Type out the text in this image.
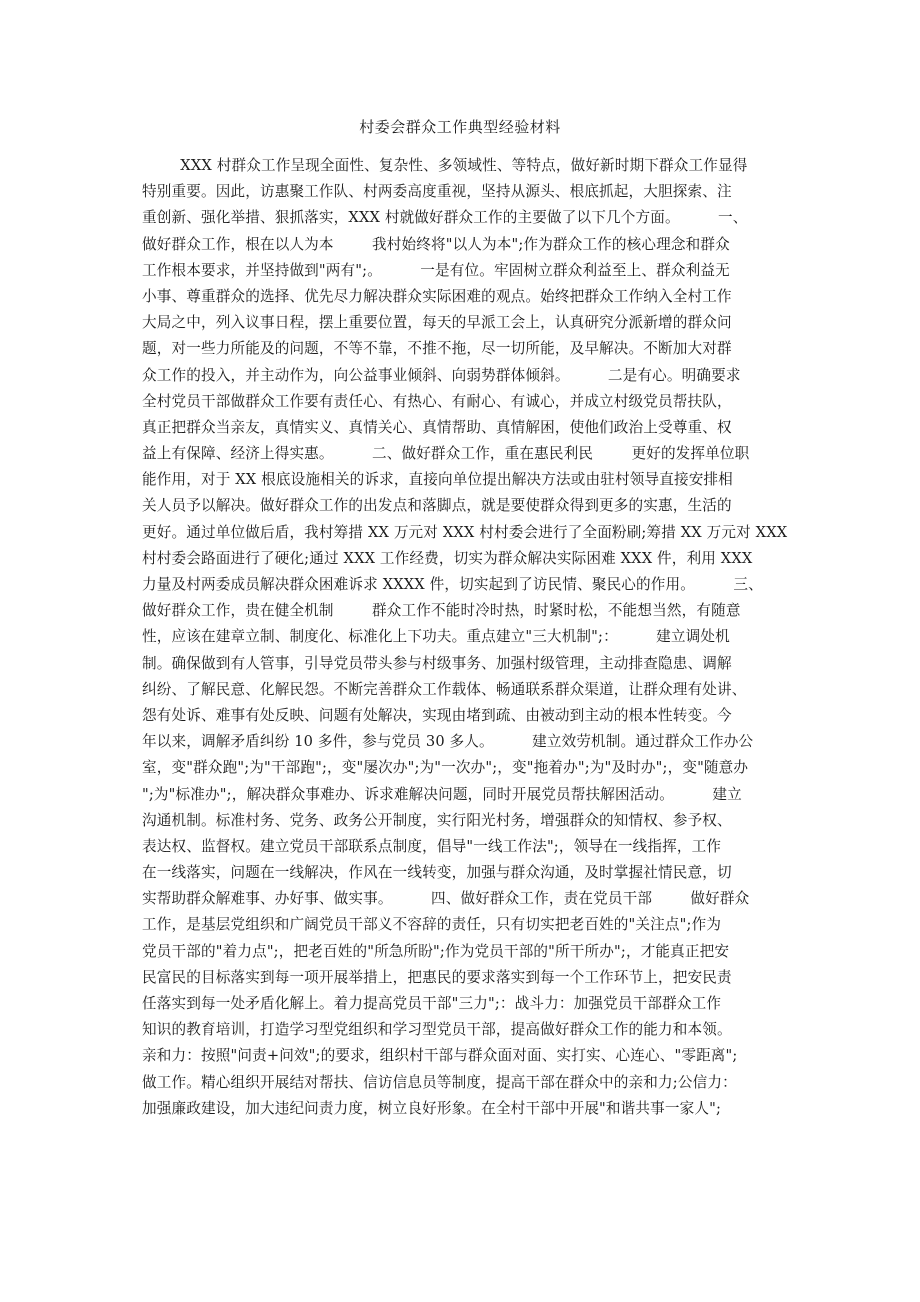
村委会群众工作典型经验材料
XXX 村群众工作呈现全面性、复杂性、多领域性、等特点，做好新时期下群众工作显得
特别重要。因此，访惠聚工作队、村两委高度重视，坚持从源头、根底抓起，大胆探索、注
重创新、强化举措、狠抓落实，XXX 村就做好群众工作的主要做了以下几个方面。        一、
做好群众工作，根在以人为本        我村始终将"以人为本";作为群众工作的核心理念和群众
工作根本要求，并坚持做到"两有";。        一是有位。牢固树立群众利益至上、群众利益无
小事、尊重群众的选择、优先尽力解决群众实际困难的观点。始终把群众工作纳入全村工作
大局之中，列入议事日程，摆上重要位置，每天的早派工会上，认真研究分派新增的群众问
题，对一些力所能及的问题，不等不靠，不推不拖，尽一切所能，及早解决。不断加大对群
众工作的投入，并主动作为，向公益事业倾斜、向弱势群体倾斜。        二是有心。明确要求
全村党员干部做群众工作要有责任心、有热心、有耐心、有诚心，并成立村级党员帮扶队，
真正把群众当亲友，真情实义、真情关心、真情帮助、真情解困，使他们政治上受尊重、权
益上有保障、经济上得实惠。        二、做好群众工作，重在惠民利民        更好的发挥单位职
能作用，对于 XX 根底设施相关的诉求，直接向单位提出解决方法或由驻村领导直接安排相
关人员予以解决。做好群众工作的出发点和落脚点，就是要使群众得到更多的实惠，生活的
更好。通过单位做后盾，我村筹措 XX 万元对 XXX 村村委会进行了全面粉刷;筹措 XX 万元对 XXX
村村委会路面进行了硬化;通过 XXX 工作经费，切实为群众解决实际困难 XXX 件，利用 XXX
力量及村两委成员解决群众困难诉求 XXXX 件，切实起到了访民情、聚民心的作用。        三、
做好群众工作，贵在健全机制        群众工作不能时冷时热，时紧时松，不能想当然，有随意
性，应该在建章立制、制度化、标准化上下功夫。重点建立"三大机制";：        建立调处机
制。确保做到有人管事，引导党员带头参与村级事务、加强村级管理，主动排查隐患、调解
纠纷、了解民意、化解民怨。不断完善群众工作载体、畅通联系群众渠道，让群众理有处讲、
怨有处诉、难事有处反映、问题有处解决，实现由堵到疏、由被动到主动的根本性转变。今
年以来，调解矛盾纠纷 10 多件，参与党员 30 多人。        建立效劳机制。通过群众工作办公
室，变"群众跑";为"干部跑";，变"屡次办";为"一次办";，变"拖着办";为"及时办";，变"随意办
";为"标准办";，解决群众事难办、诉求难解决问题，同时开展党员帮扶解困活动。        建立
沟通机制。标准村务、党务、政务公开制度，实行阳光村务，增强群众的知情权、参予权、
表达权、监督权。建立党员干部联系点制度，倡导"一线工作法";，领导在一线指挥，工作
在一线落实，问题在一线解决，作风在一线转变，加强与群众沟通，及时掌握社情民意，切
实帮助群众解难事、办好事、做实事。        四、做好群众工作，责在党员干部        做好群众
工作，是基层党组织和广阔党员干部义不容辞的责任，只有切实把老百姓的"关注点";作为
党员干部的"着力点";，把老百姓的"所急所盼";作为党员干部的"所干所办";，才能真正把安
民富民的目标落实到每一项开展举措上，把惠民的要求落实到每一个工作环节上，把安民责
任落实到每一处矛盾化解上。着力提高党员干部"三力";：战斗力：加强党员干部群众工作
知识的教育培训，打造学习型党组织和学习型党员干部，提高做好群众工作的能力和本领。
亲和力：按照"问责+问效";的要求，组织村干部与群众面对面、实打实、心连心、"零距离";
做工作。精心组织开展结对帮扶、信访信息员等制度，提高干部在群众中的亲和力;公信力：
加强廉政建设，加大违纪问责力度，树立良好形象。在全村干部中开展"和谐共事一家人";
